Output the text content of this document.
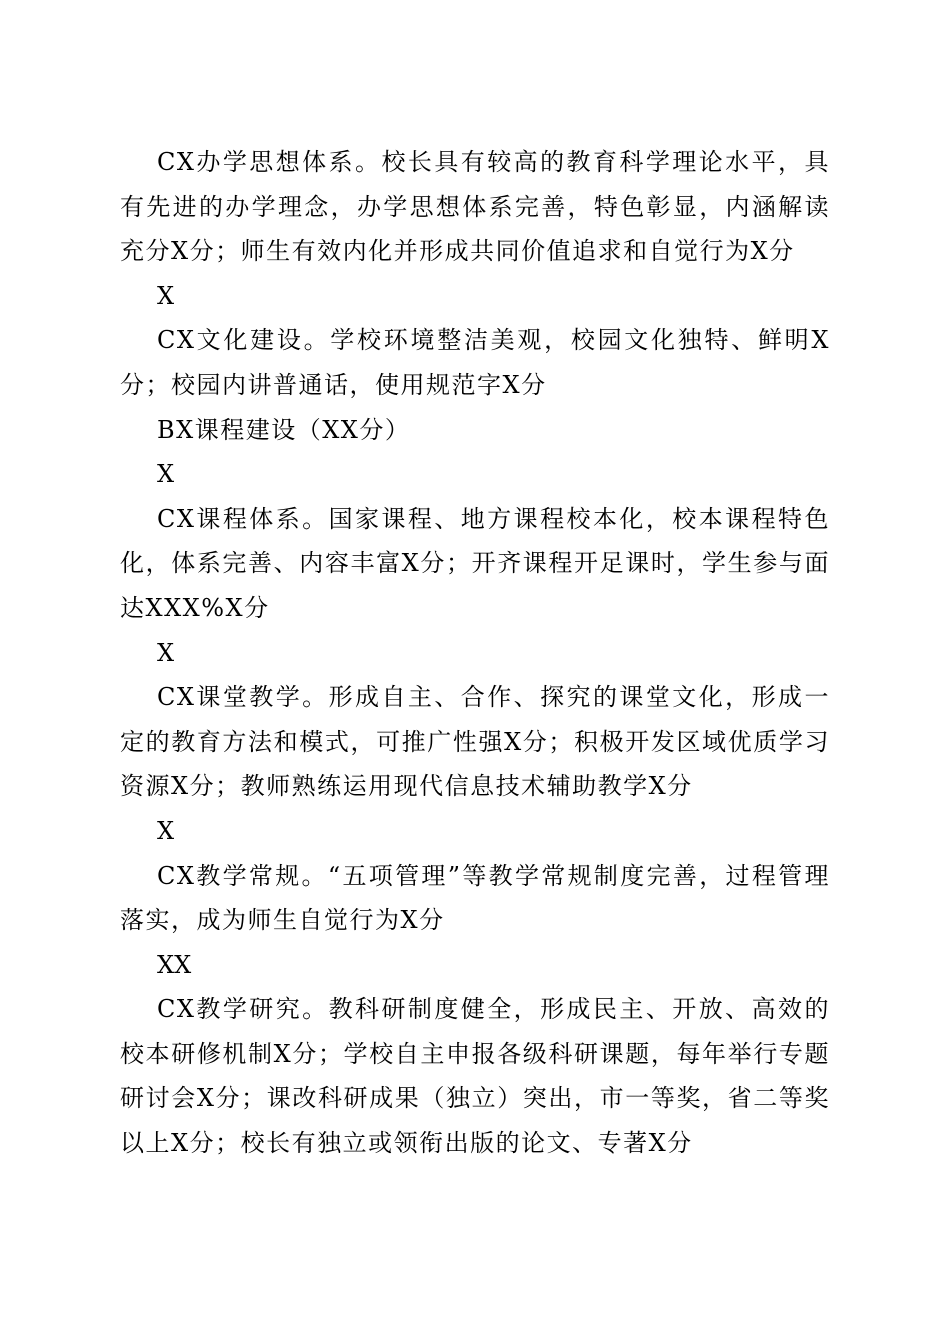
CX办学思想体系。校长具有较高的教育科学理论水平，具有先进的办学理念，办学思想体系完善，特色彰显，内涵解读充分X分；师生有效内化并形成共同价值追求和自觉行为X分

X

CX文化建设。学校环境整洁美观，校园文化独特、鲜明X分；校园内讲普通话，使用规范字X分

BX课程建设（XX分）

X

CX课程体系。国家课程、地方课程校本化，校本课程特色化，体系完善、内容丰富X分；开齐课程开足课时，学生参与面达XXX%X分

X

CX课堂教学。形成自主、合作、探究的课堂文化，形成一定的教育方法和模式，可推广性强X分；积极开发区域优质学习资源X分；教师熟练运用现代信息技术辅助教学X分

X

CX教学常规。“五项管理”等教学常规制度完善，过程管理落实，成为师生自觉行为X分

XX

CX教学研究。教科研制度健全，形成民主、开放、高效的校本研修机制X分；学校自主申报各级科研课题，每年举行专题研讨会X分；课改科研成果（独立）突出，市一等奖，省二等奖以上X分；校长有独立或领衔出版的论文、专著X分
